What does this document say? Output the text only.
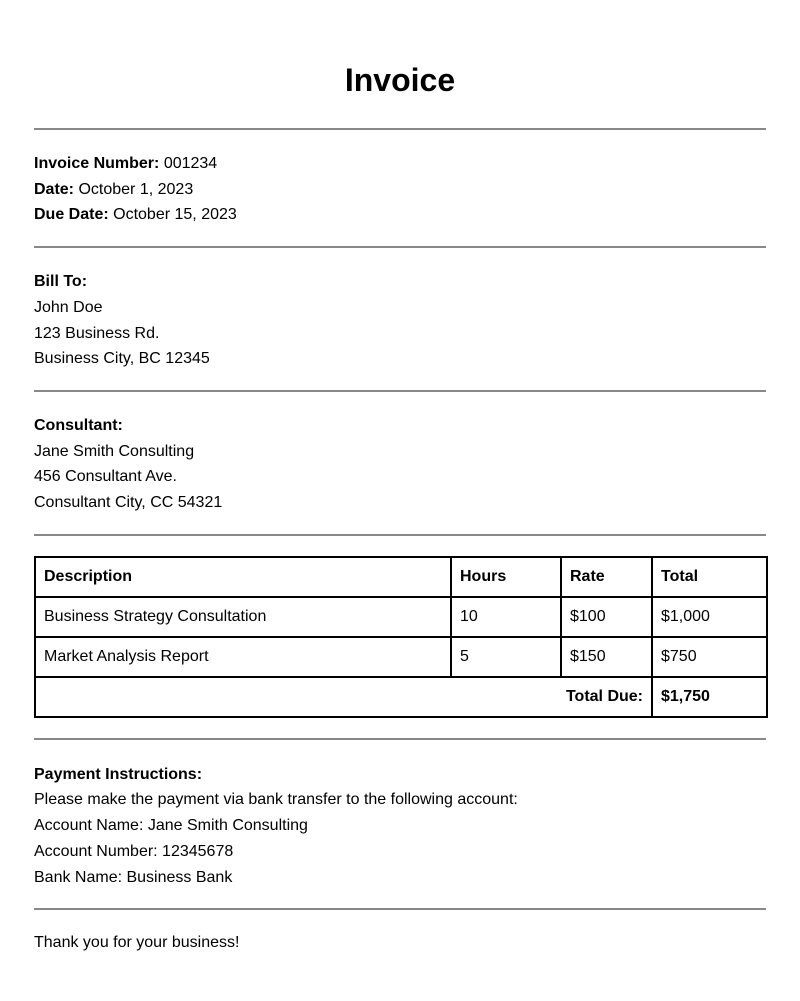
Invoice
Invoice Number: 001234
Date: October 1, 2023
Due Date: October 15, 2023
Bill To:
John Doe
123 Business Rd.
Business City, BC 12345
Consultant:
Jane Smith Consulting
456 Consultant Ave.
Consultant City, CC 54321
Description	Hours	Rate	Total
Business Strategy Consultation	10	$100	$1,000
Market Analysis Report	5	$150	$750
Total Due:			$1,750
Payment Instructions:
Please make the payment via bank transfer to the following account:
Account Name: Jane Smith Consulting
Account Number: 12345678
Bank Name: Business Bank
Thank you for your business!
